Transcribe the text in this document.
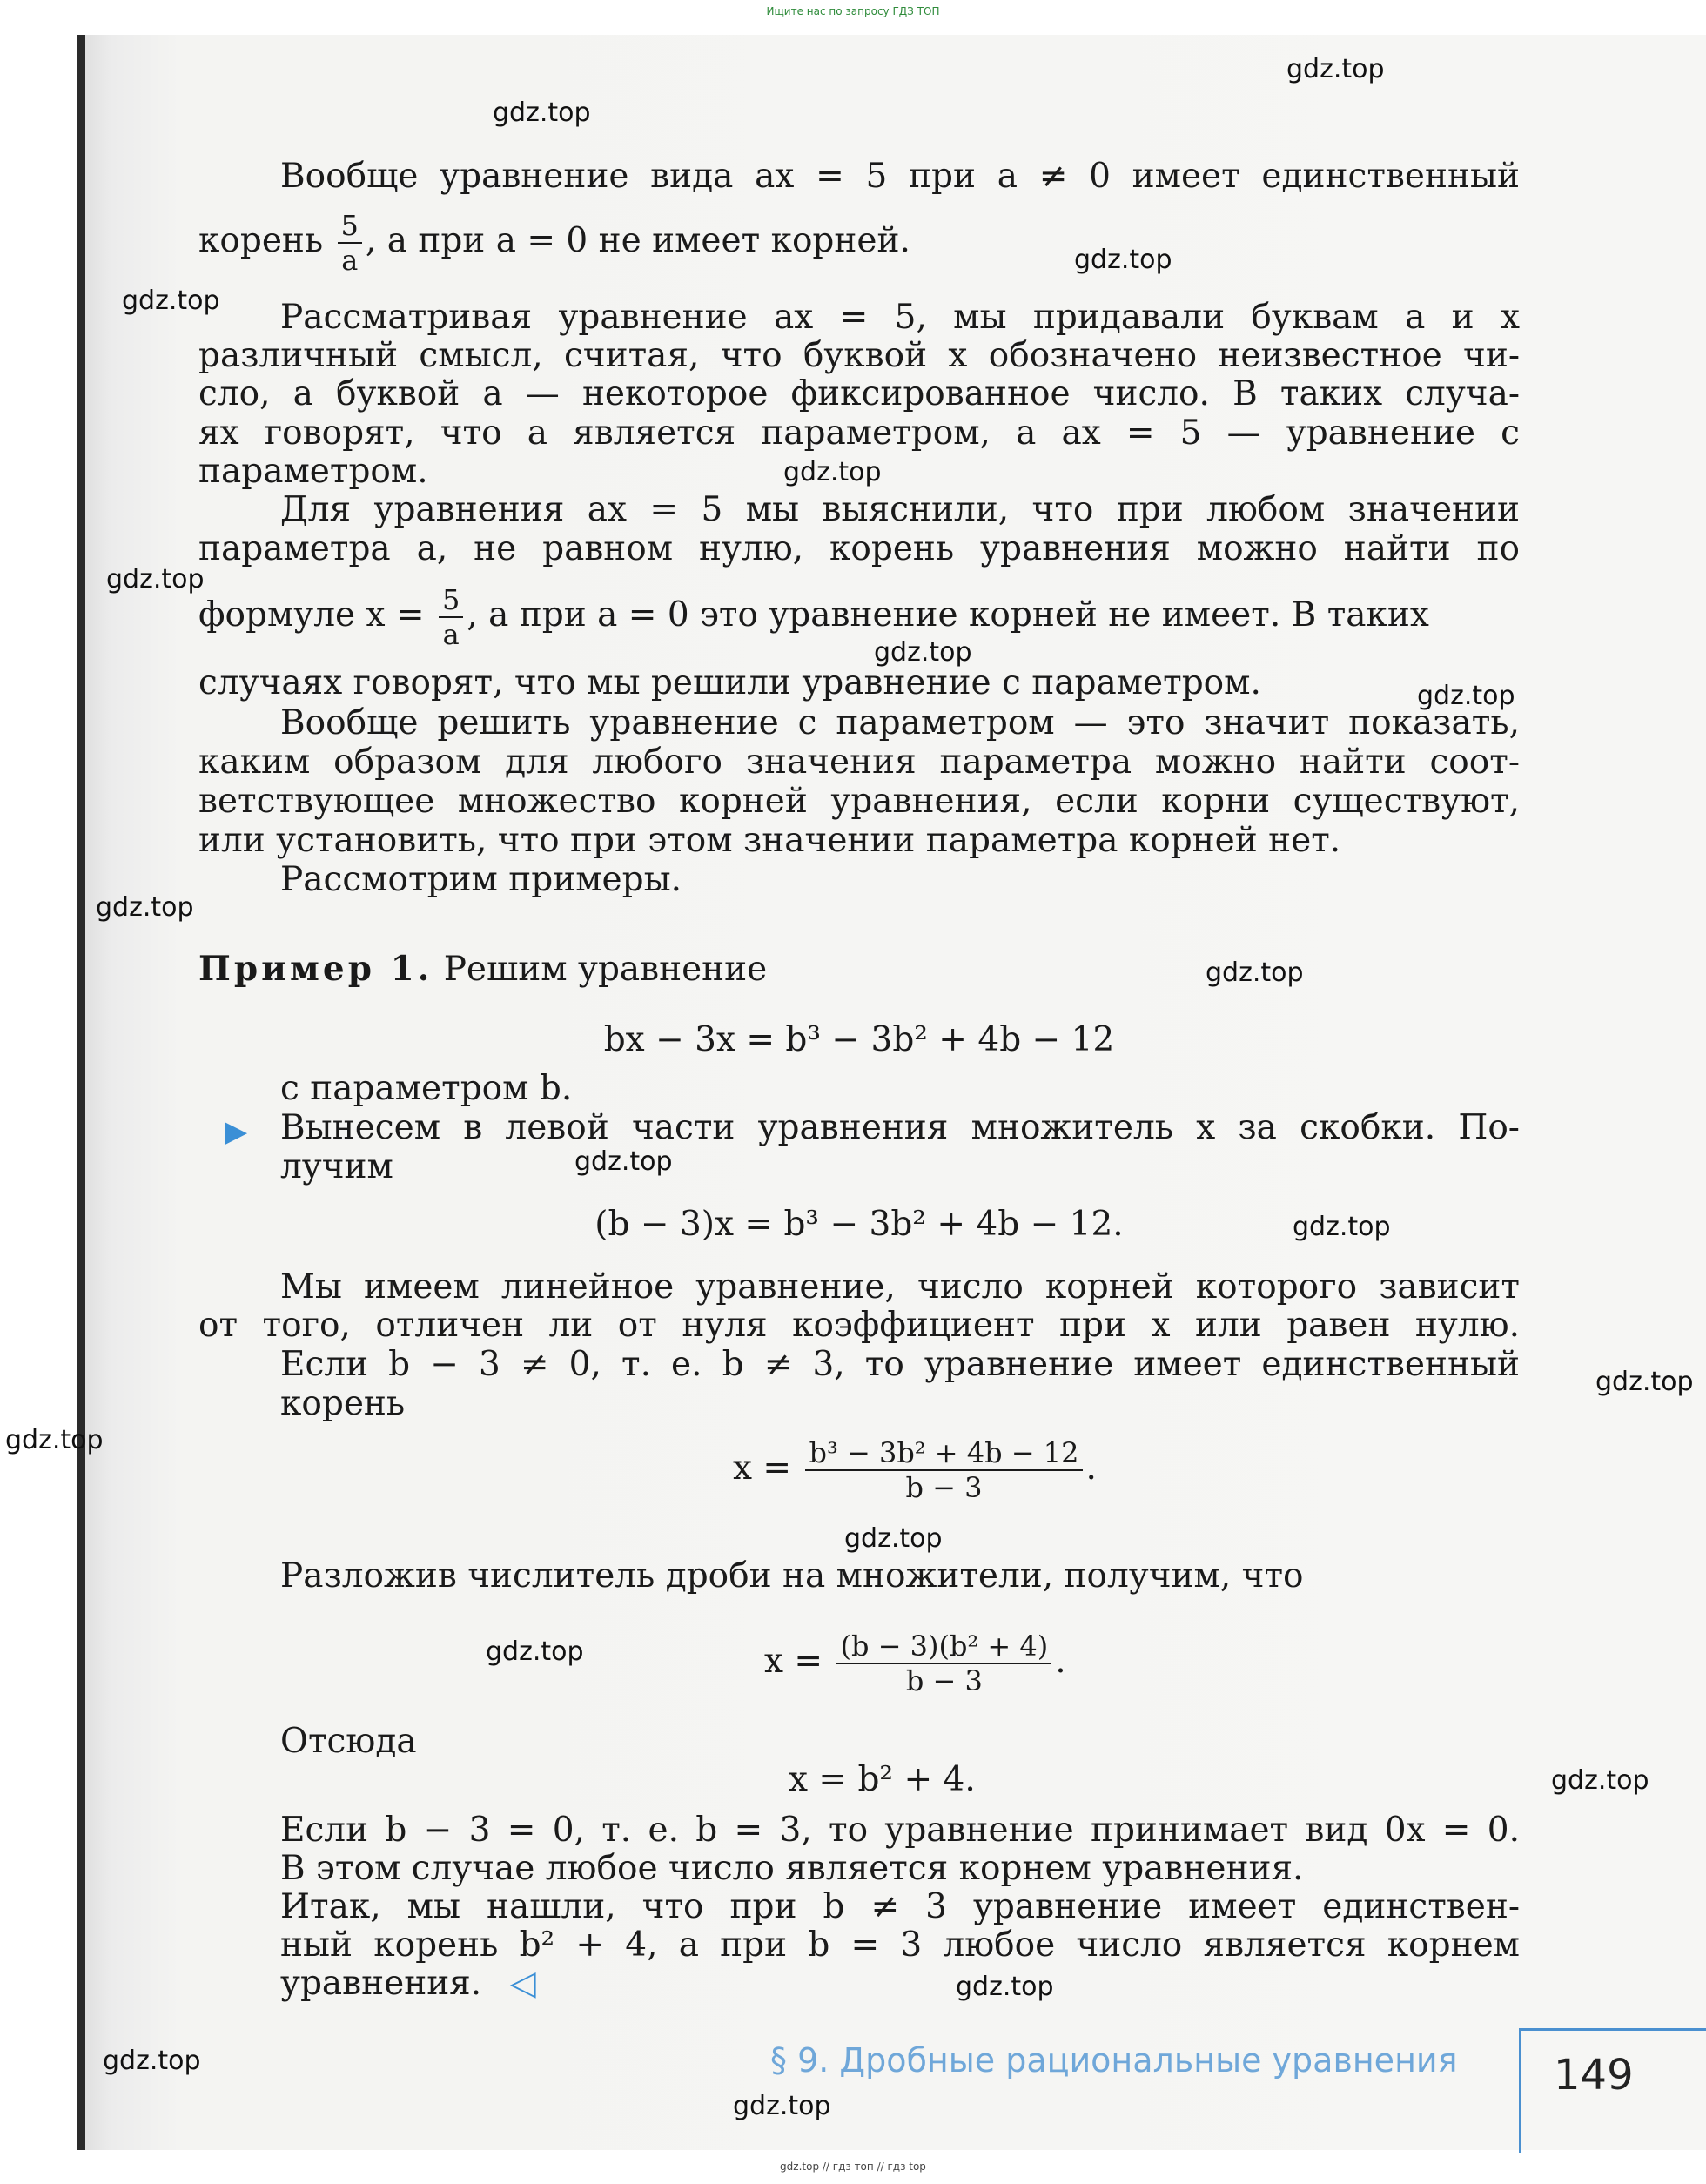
Ищите нас по запросу ГДЗ ТОП
gdz.top
gdz.top
gdz.top
gdz.top
gdz.top
gdz.top
gdz.top
gdz.top
gdz.top
gdz.top
gdz.top
gdz.top
gdz.top
gdz.top
gdz.top
gdz.top
gdz.top
gdz.top
gdz.top
gdz.top
Вообще уравнение вида ax = 5 при a ≠ 0 имеет единственный
корень $\frac{5}{a}$ , а при a = 0 не имеет корней.
Рассматривая уравнение ax = 5, мы придавали буквам a и x
различный смысл, считая, что буквой x обозначено неизвестное чи-
сло, а буквой a — некоторое фиксированное число. В таких случа-
ях говорят, что a является параметром, а ax = 5 — уравнение с
параметром.
Для уравнения ax = 5 мы выяснили, что при любом значении
параметра a, не равном нулю, корень уравнения можно найти по
формуле $x = \frac{5}{a}$ , а при a = 0 это уравнение корней не имеет. В таких
случаях говорят, что мы решили уравнение с параметром.
Вообще решить уравнение с параметром — это значит показать,
каким образом для любого значения параметра можно найти соот-
ветствующее множество корней уравнения, если корни существуют,
или установить, что при этом значении параметра корней нет.
Рассмотрим примеры.
Пример 1. Решим уравнение
bx − 3x = b³ − 3b² + 4b − 12
с параметром b.
▶ Вынесем в левой части уравнения множитель x за скобки. По-
лучим
(b − 3)x = b³ − 3b² + 4b − 12.
Мы имеем линейное уравнение, число корней которого зависит
от того, отличен ли от нуля коэффициент при x или равен нулю.
Если b − 3 ≠ 0, т. е. b ≠ 3, то уравнение имеет единственный
корень
$x = \frac{\text{b³ − 3b² + 4b − 12}}{b - 3}$ .
Разложив числитель дроби на множители, получим, что
$x = \frac{\text{(b − 3)(b² + 4)}}{b - 3}$ .
Отсюда
x = b² + 4.
Если b − 3 = 0, т. е. b = 3, то уравнение принимает вид 0x = 0.
В этом случае любое число является корнем уравнения.
Итак, мы нашли, что при b ≠ 3 уравнение имеет единствен-
ный корень b² + 4, а при b = 3 любое число является корнем
уравнения. ◁
§ 9. Дробные рациональные уравнения 149
gdz.top // гдз топ // гдз top
